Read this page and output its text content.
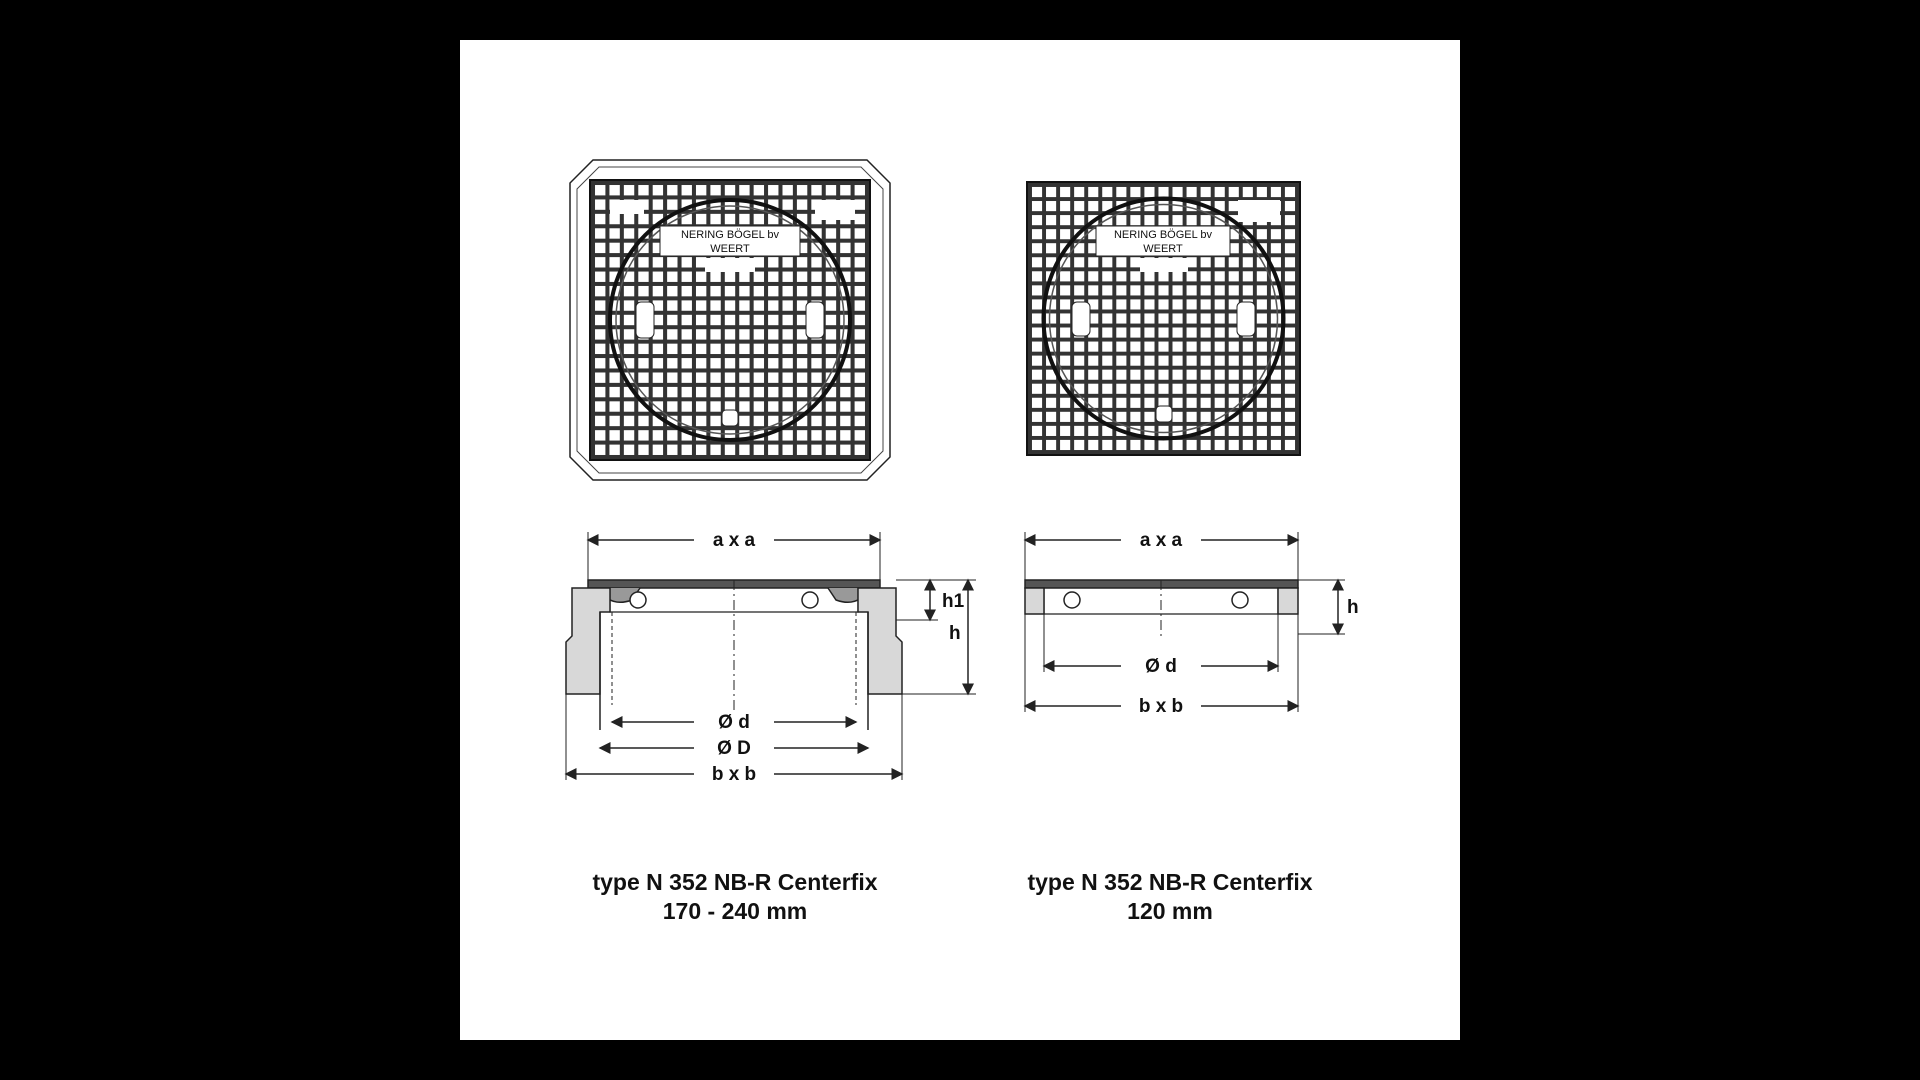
NERING BÖGEL bv
WEERT
NERING BÖGEL bv
WEERT
a x a
h1
h
Ø d
Ø D
b x b
a x a
h
Ø d
b x b
type N 352 NB-R Centerfix
170 - 240 mm
type N 352 NB-R Centerfix
120 mm
